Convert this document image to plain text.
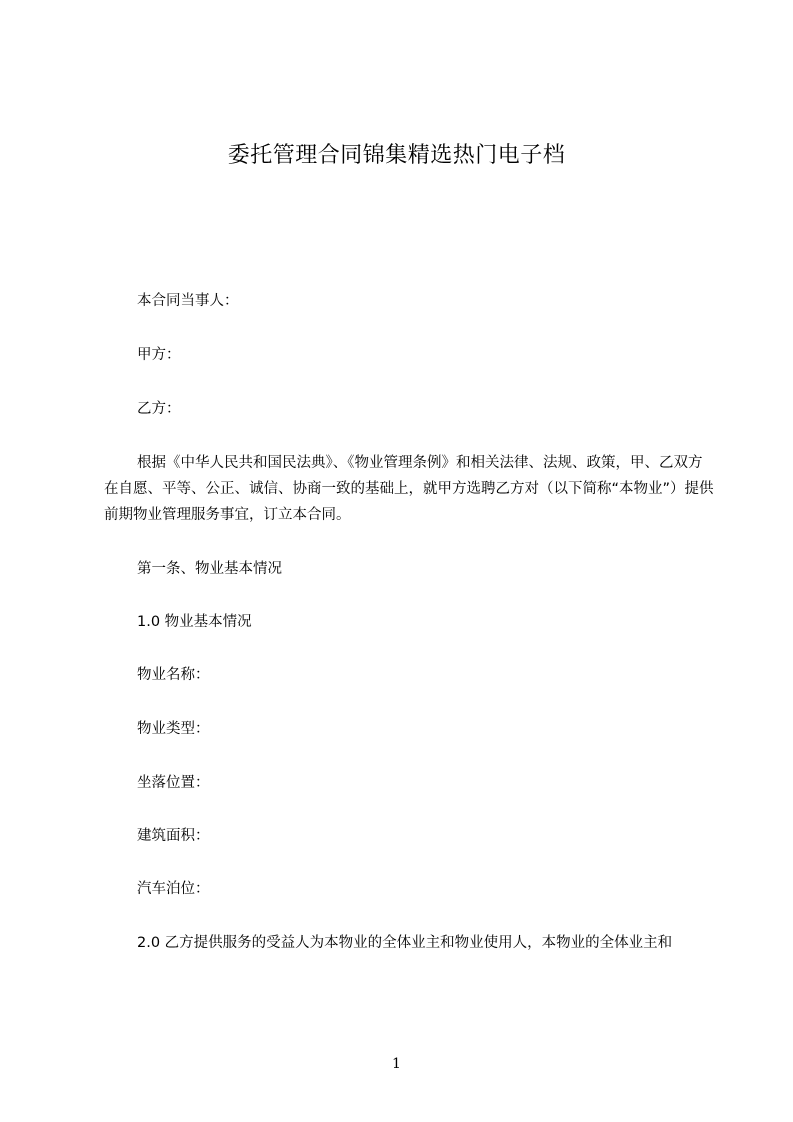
委托管理合同锦集精选热门电子档

本合同当事人：

甲方：

乙方：

根据《中华人民共和国民法典》、《物业管理条例》和相关法律、法规、政策，甲、乙双方在自愿、平等、公正、诚信、协商一致的基础上，就甲方选聘乙方对（以下简称“本物业”）提供前期物业管理服务事宜，订立本合同。

第一条、物业基本情况

1.0 物业基本情况

物业名称：

物业类型：

坐落位置：

建筑面积：

汽车泊位：

2.0 乙方提供服务的受益人为本物业的全体业主和物业使用人，本物业的全体业主和

1
